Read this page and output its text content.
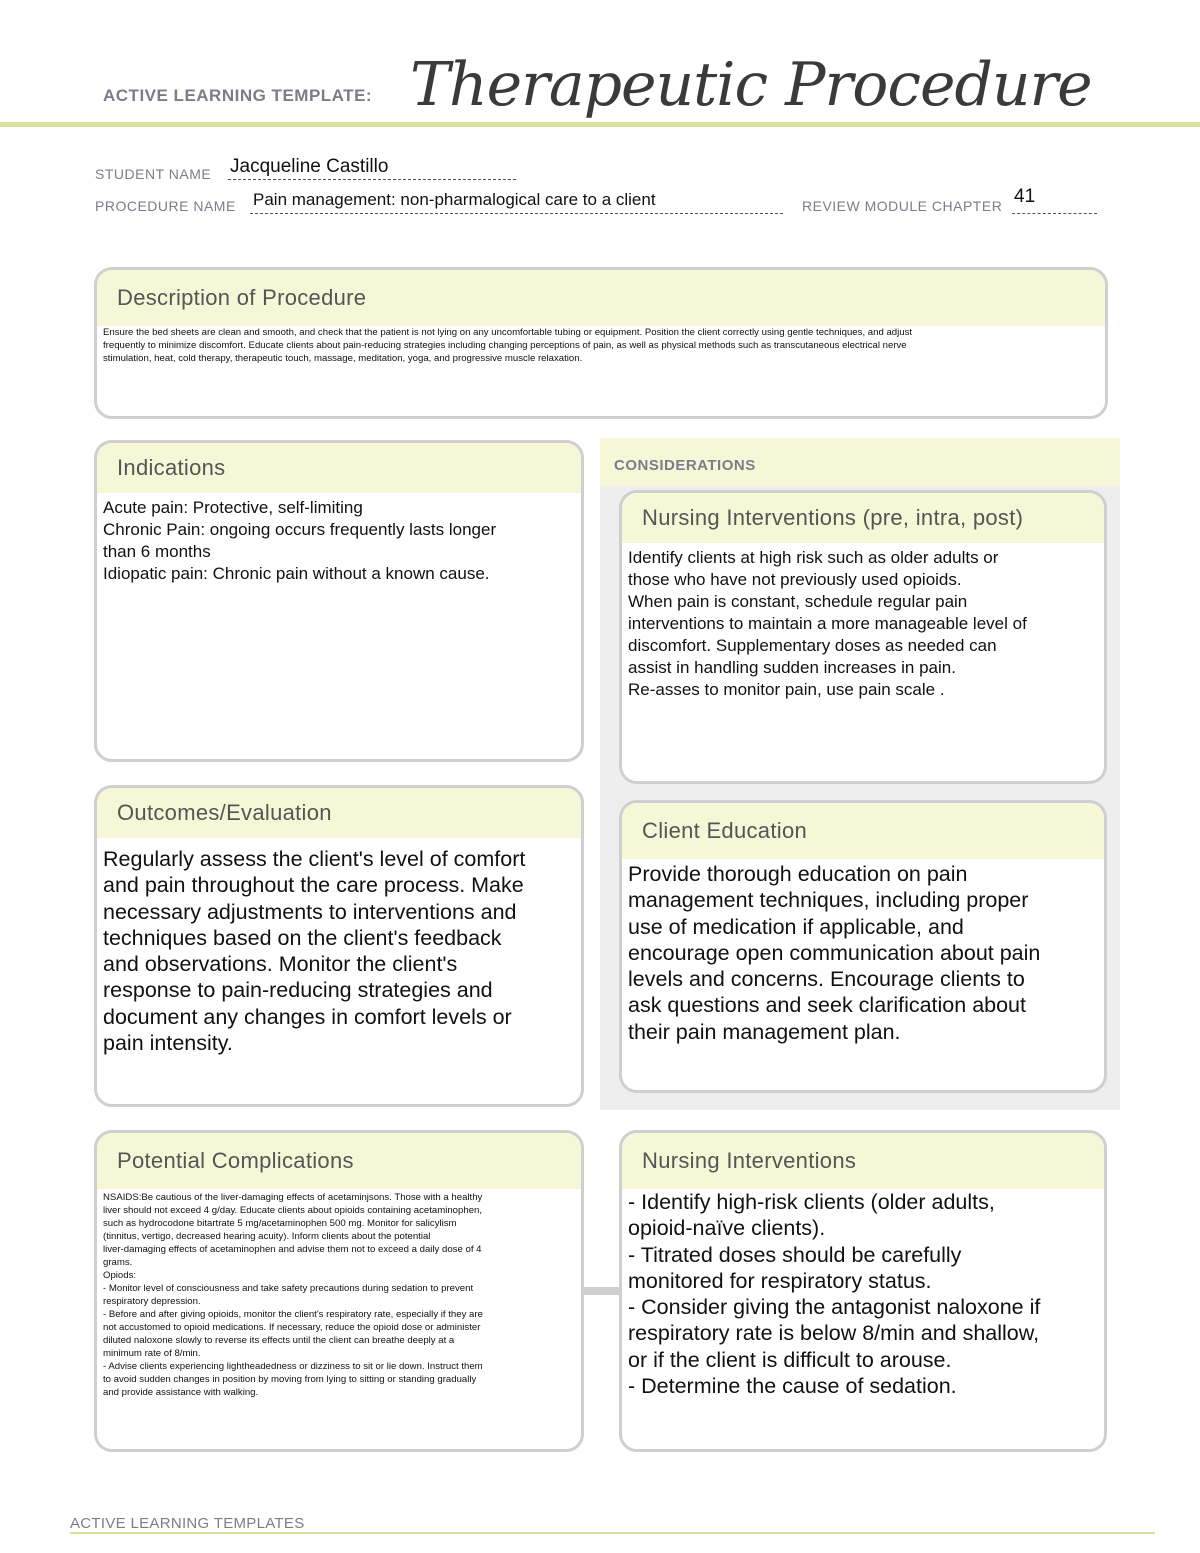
ACTIVE LEARNING TEMPLATE: Therapeutic Procedure
STUDENT NAME Jacqueline Castillo
PROCEDURE NAME Pain management: non-pharmalogical care to a client	REVIEW MODULE CHAPTER 41
Description of Procedure
Ensure the bed sheets are clean and smooth, and check that the patient is not lying on any uncomfortable tubing or equipment. Position the client correctly using gentle techniques, and adjust
frequently to minimize discomfort. Educate clients about pain-reducing strategies including changing perceptions of pain, as well as physical methods such as transcutaneous electrical nerve
stimulation, heat, cold therapy, therapeutic touch, massage, meditation, yoga, and progressive muscle relaxation.
Indications
Acute pain: Protective, self-limiting
Chronic Pain: ongoing occurs frequently lasts longer
than 6 months
Idiopatic pain: Chronic pain without a known cause.
CONSIDERATIONS
Nursing Interventions (pre, intra, post)
Identify clients at high risk such as older adults or
those who have not previously used opioids.
When pain is constant, schedule regular pain
interventions to maintain a more manageable level of
discomfort. Supplementary doses as needed can
assist in handling sudden increases in pain.
Re-asses to monitor pain, use pain scale .
Outcomes/Evaluation
Regularly assess the client's level of comfort
and pain throughout the care process. Make
necessary adjustments to interventions and
techniques based on the client's feedback
and observations. Monitor the client's
response to pain-reducing strategies and
document any changes in comfort levels or
pain intensity.
Client Education
Provide thorough education on pain
management techniques, including proper
use of medication if applicable, and
encourage open communication about pain
levels and concerns. Encourage clients to
ask questions and seek clarification about
their pain management plan.
Potential Complications
NSAIDS:Be cautious of the liver-damaging effects of acetaminjsons. Those with a healthy
liver should not exceed 4 g/day. Educate clients about opioids containing acetaminophen,
such as hydrocodone bitartrate 5 mg/acetaminophen 500 mg. Monitor for salicylism
(tinnitus, vertigo, decreased hearing acuity). Inform clients about the potential
liver-damaging effects of acetaminophen and advise them not to exceed a daily dose of 4
grams.
Opiods:
- Monitor level of consciousness and take safety precautions during sedation to prevent
respiratory depression.
- Before and after giving opioids, monitor the client's respiratory rate, especially if they are
not accustomed to opioid medications. If necessary, reduce the opioid dose or administer
diluted naloxone slowly to reverse its effects until the client can breathe deeply at a
minimum rate of 8/min.
- Advise clients experiencing lightheadedness or dizziness to sit or lie down. Instruct them
to avoid sudden changes in position by moving from lying to sitting or standing gradually
and provide assistance with walking.
Nursing Interventions
- Identify high-risk clients (older adults,
opioid-naïve clients).
- Titrated doses should be carefully
monitored for respiratory status.
- Consider giving the antagonist naloxone if
respiratory rate is below 8/min and shallow,
or if the client is difficult to arouse.
- Determine the cause of sedation.
ACTIVE LEARNING TEMPLATES
